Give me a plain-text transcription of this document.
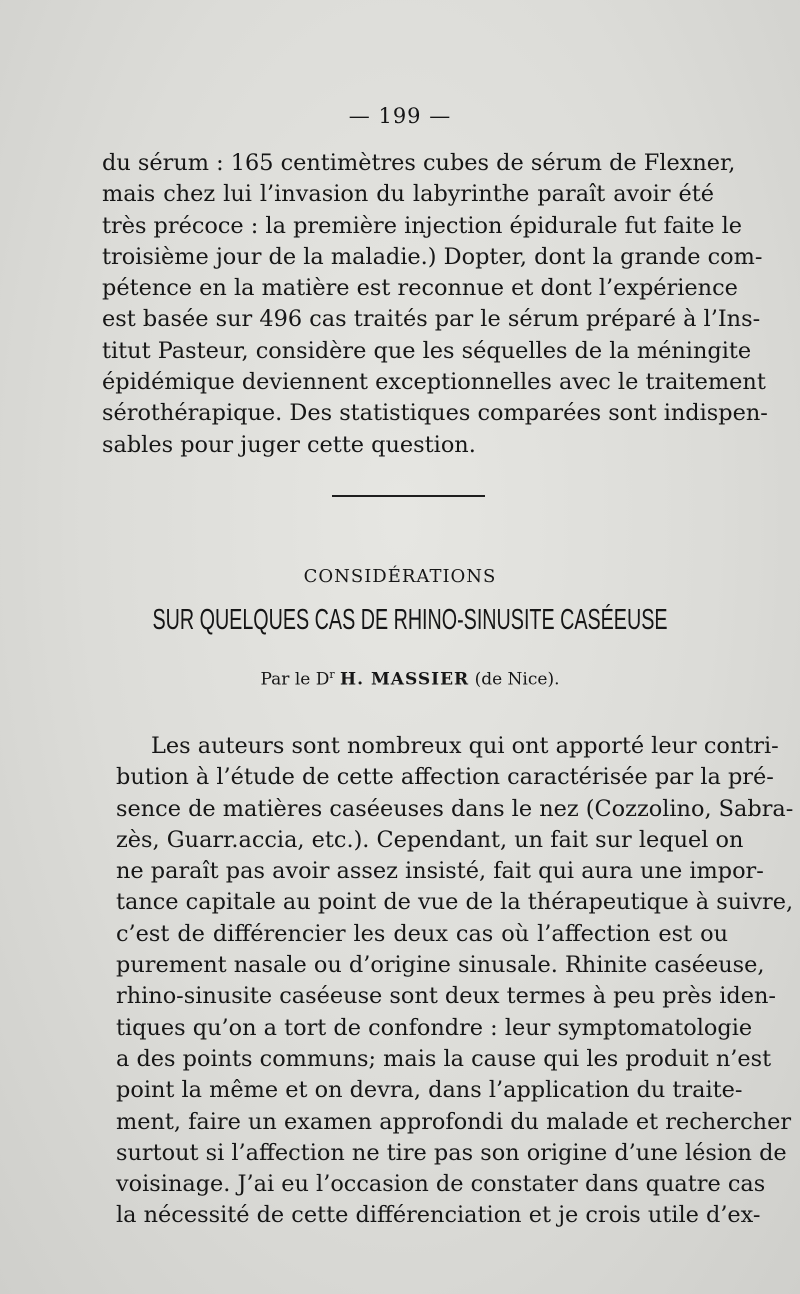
— 199 —
du sérum : 165 centimètres cubes de sérum de Flexner,
mais chez lui l’invasion du labyrinthe paraît avoir été
très précoce : la première injection épidurale fut faite le
troisième jour de la maladie.) Dopter, dont la grande com-
pétence en la matière est reconnue et dont l’expérience
est basée sur 496 cas traités par le sérum préparé à l’Ins-
titut Pasteur, considère que les séquelles de la méningite
épidémique deviennent exceptionnelles avec le traitement
sérothérapique. Des statistiques comparées sont indispen-
sables pour juger cette question.
CONSIDÉRATIONS
SUR QUELQUES CAS DE RHINO-SINUSITE CASÉEUSE
Par le $D^r$ H. MASSIER (de Nice).
Les auteurs sont nombreux qui ont apporté leur contri-
bution à l’étude de cette affection caractérisée par la pré-
sence de matières caséeuses dans le nez (Cozzolino, Sabra-
zès, Guarr.accia, etc.). Cependant, un fait sur lequel on
ne paraît pas avoir assez insisté, fait qui aura une impor-
tance capitale au point de vue de la thérapeutique à suivre,
c’est de différencier les deux cas où l’affection est ou
purement nasale ou d’origine sinusale. Rhinite caséeuse,
rhino-sinusite caséeuse sont deux termes à peu près iden-
tiques qu’on a tort de confondre : leur symptomatologie
a des points communs; mais la cause qui les produit n’est
point la même et on devra, dans l’application du traite-
ment, faire un examen approfondi du malade et rechercher
surtout si l’affection ne tire pas son origine d’une lésion de
voisinage. J’ai eu l’occasion de constater dans quatre cas
la nécessité de cette différenciation et je crois utile d’ex-
